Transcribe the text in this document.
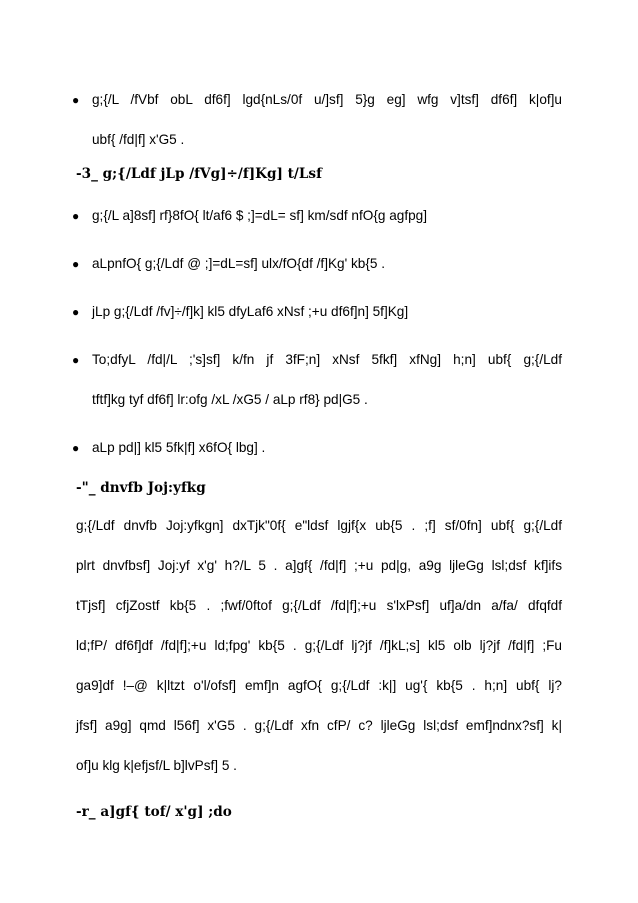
● g;{/L /fVbf obL df6f] lgd{nLs/0f u/]sf] 5}g eg] wfg v]tsf] df6f] k|of]u
ubf{ /fd|f] x'G5 .
-3_ g;{/Ldf jLp /fVg]÷/f]Kg] t/Lsf
● g;{/L a]8sf] rf}8fO{ lt/af6 $ ;]=dL= sf] km/sdf nfO{g agfpg]
● aLpnfO{ g;{/Ldf @ ;]=dL=sf] ulx/fO{df /f]Kg' kb{5 .
● jLp g;{/Ldf /fv]÷/f]k] kl5 dfyLaf6 xNsf ;+u df6f]n] 5f]Kg]
● To;dfyL /fd|/L ;'s]sf] k/fn jf 3fF;n] xNsf 5fkf] xfNg] h;n] ubf{ g;{/Ldf
tftf]kg tyf df6f] lr:ofg /xL /xG5 / aLp rf8} pd|G5 .
● aLp pd|] kl5 5fk|f] x6fO{ lbg] .
-"_ dnvfb Joj:yfkg
g;{/Ldf dnvfb Joj:yfkgn] dxTjk"0f{ e"ldsf lgjf{x ub{5 . ;f] sf/0fn] ubf{ g;{/Ldf
plrt dnvfbsf] Joj:yf x'g' h?/L 5 . a]gf{ /fd|f] ;+u pd|g, a9g ljleGg lsl;dsf kf]ifs
tTjsf] cfjZostf kb{5 . ;fwf/0ftof g;{/Ldf /fd|f];+u s'lxPsf] uf]a/dn a/fa/ dfqfdf
ld;fP/ df6f]df /fd|f];+u ld;fpg' kb{5 . g;{/Ldf lj?jf /f]kL;s] kl5 olb lj?jf /fd|f] ;Fu
ga9]df !–@ k|ltzt o'l/ofsf] emf]n agfO{ g;{/Ldf :k|] ug'{ kb{5 . h;n] ubf{ lj?
jfsf] a9g] qmd l56f] x'G5 . g;{/Ldf xfn cfP/ c? ljleGg lsl;dsf emf]ndnx?sf] k|
of]u klg k|efjsf/L b]lvPsf] 5 .
-r_ a]gf{ tof/ x'g] ;do
